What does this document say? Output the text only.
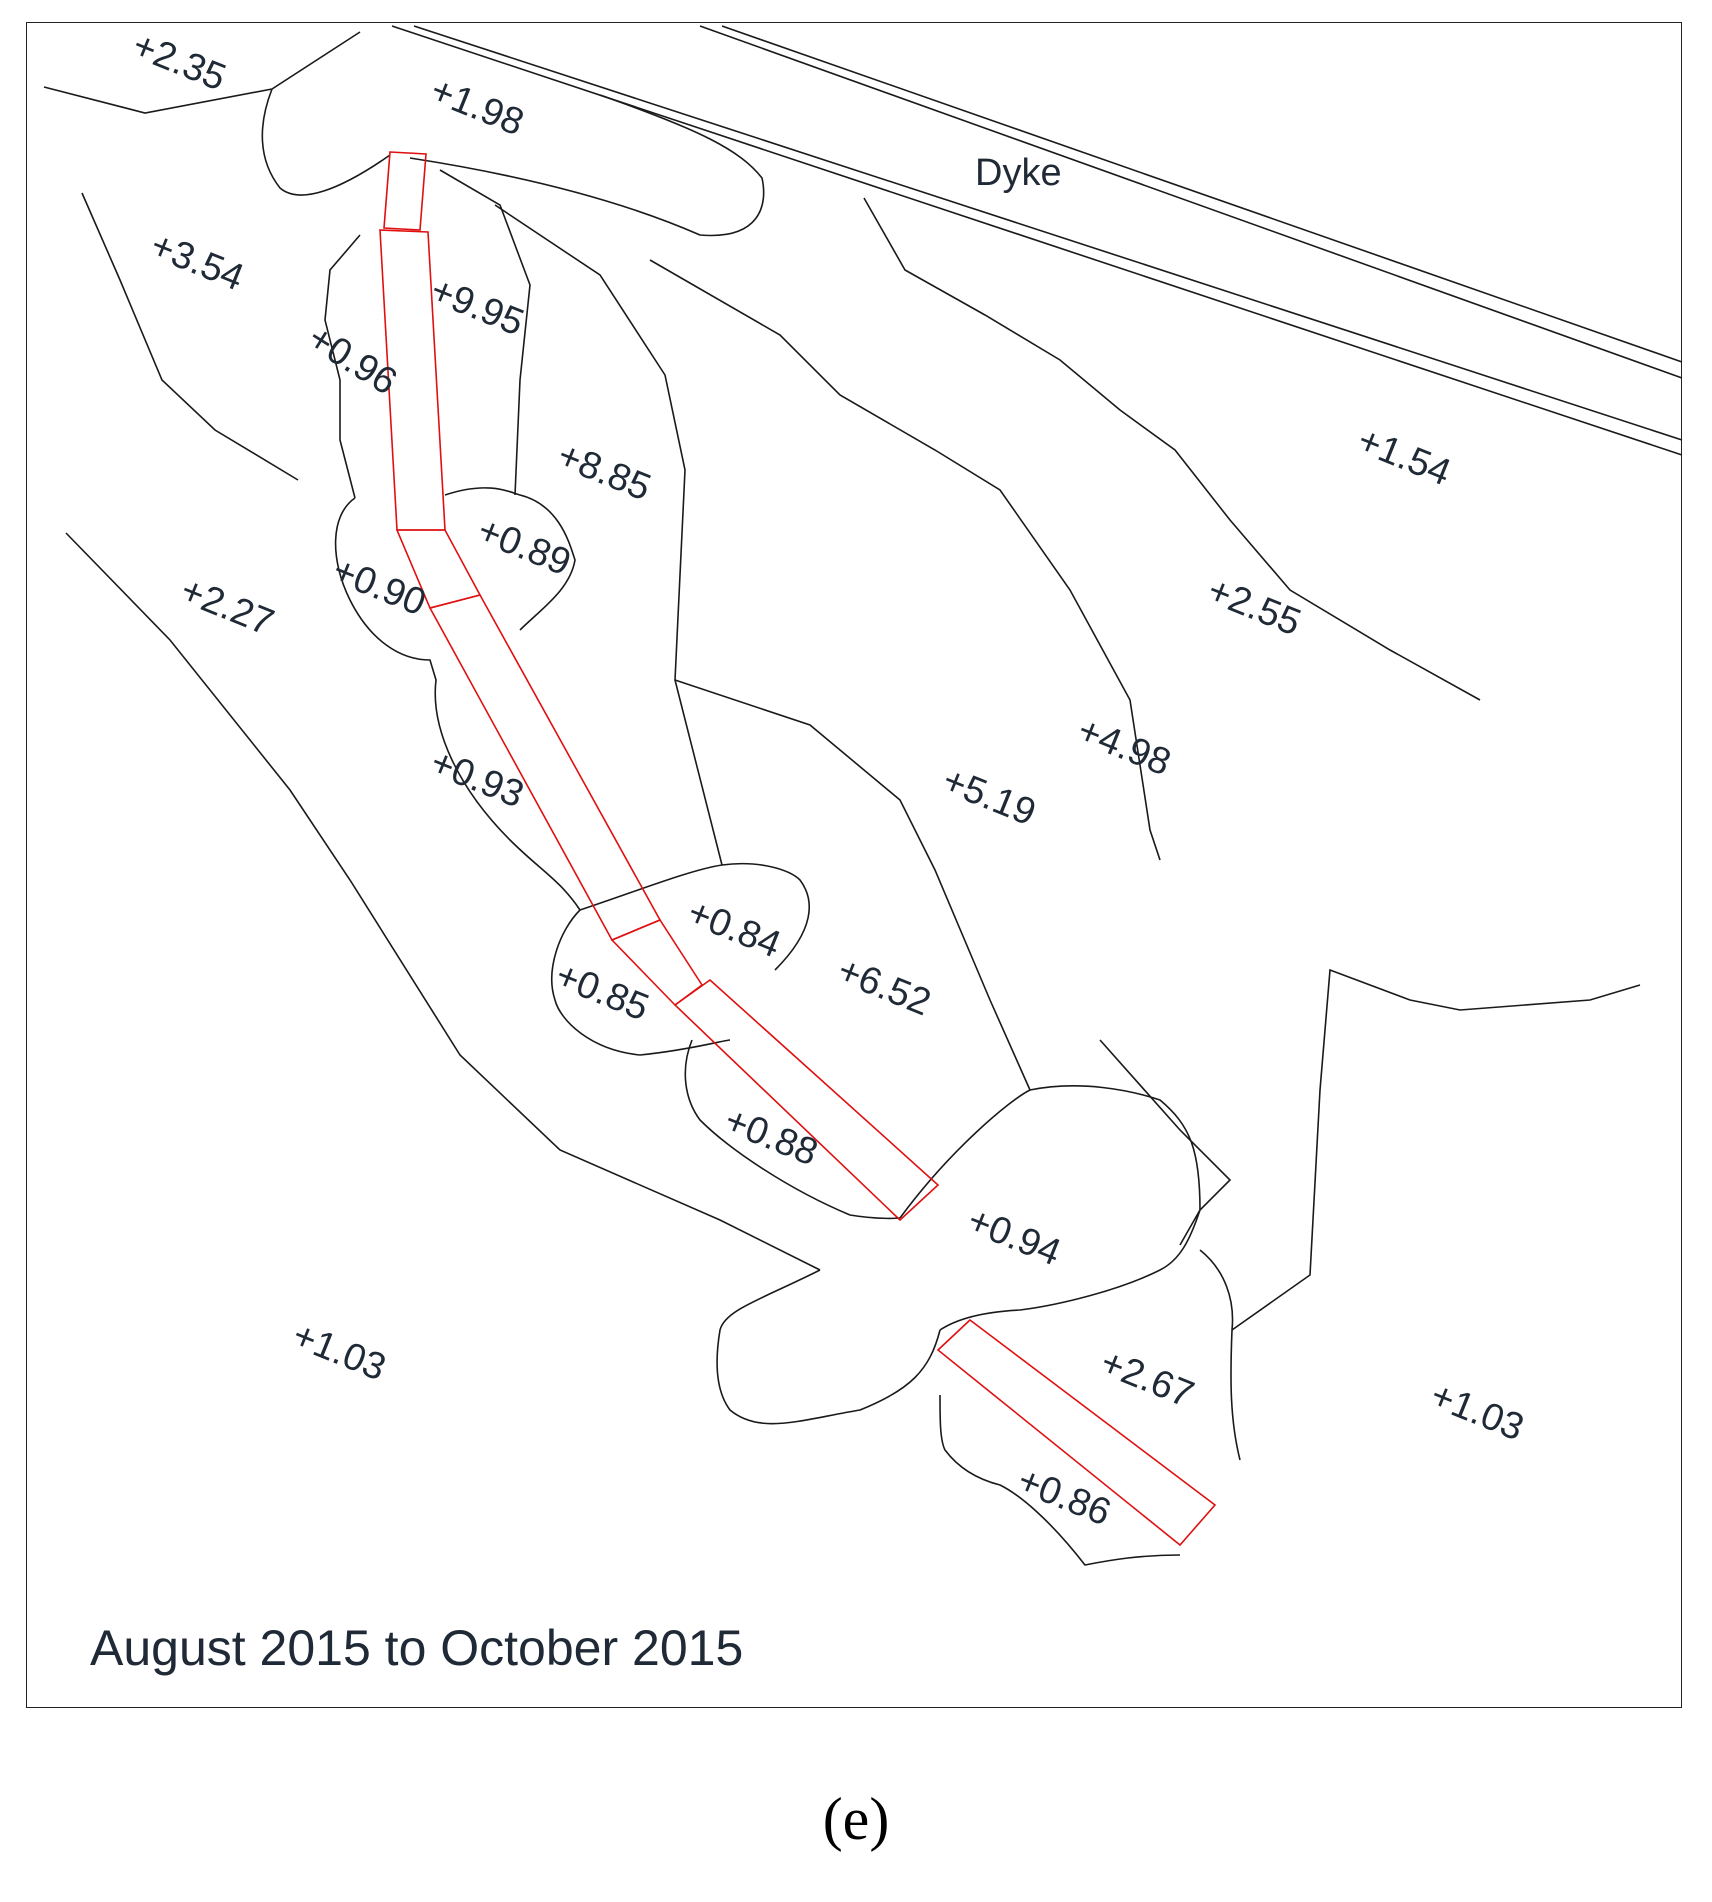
+2.35
+1.98
+3.54
+0.96
+9.95
+8.85
+0.89
+0.90
+2.27
+0.93
+0.84
+0.85	+6.52
+0.88
+5.19
+4.98
+2.55
+1.54
+0.94
+2.67
+0.86
+1.03
+1.03
Dyke
August 2015 to October 2015
(e)
